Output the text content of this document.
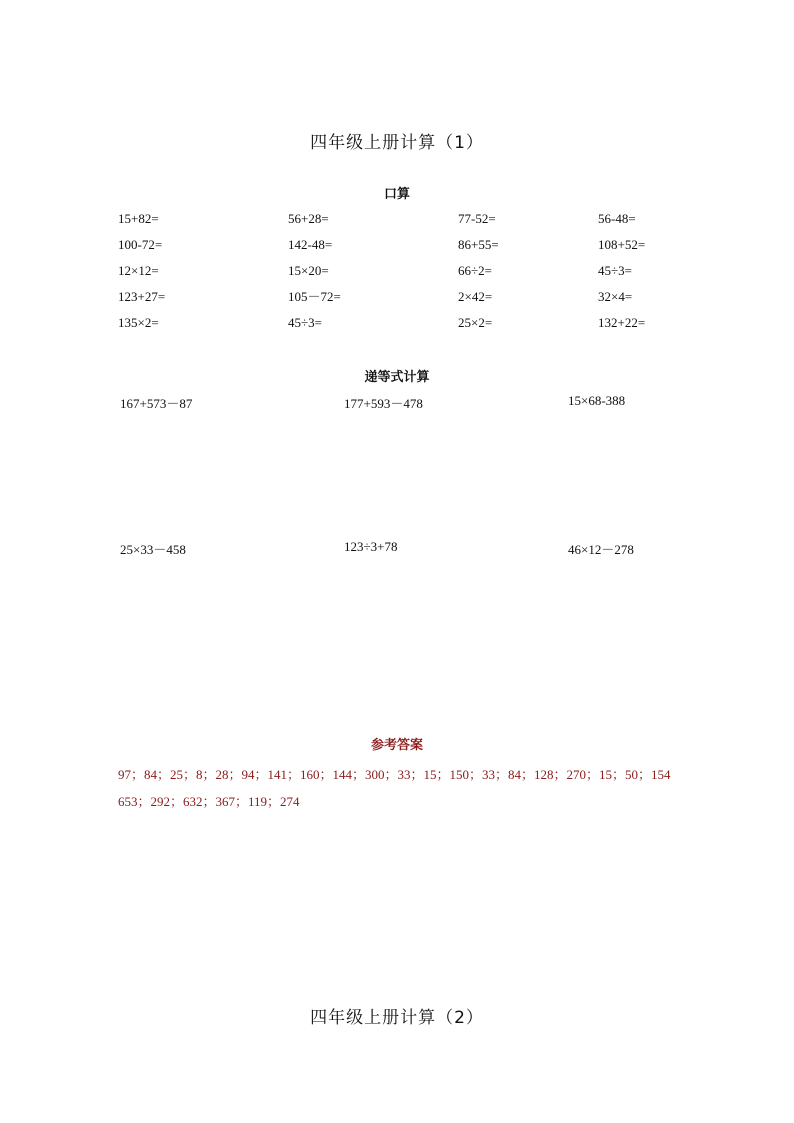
四年级上册计算（1）
口算
15+82=	56+28=	77-52=	56-48=
100-72=	142-48=	86+55=	108+52=
12×12=	15×20=	66÷2=	45÷3=
123+27=	105－72=	2×42=	32×4=
135×2=	45÷3=	25×2=	132+22=
递等式计算
167+573－87	177+593－478	15×68-388
25×33－458	123÷3+78	46×12－278
参考答案
97；84；25；8；28；94；141；160；144；300；33；15；150；33；84；128；270；15；50；154
653；292；632；367；119；274
四年级上册计算（2）
